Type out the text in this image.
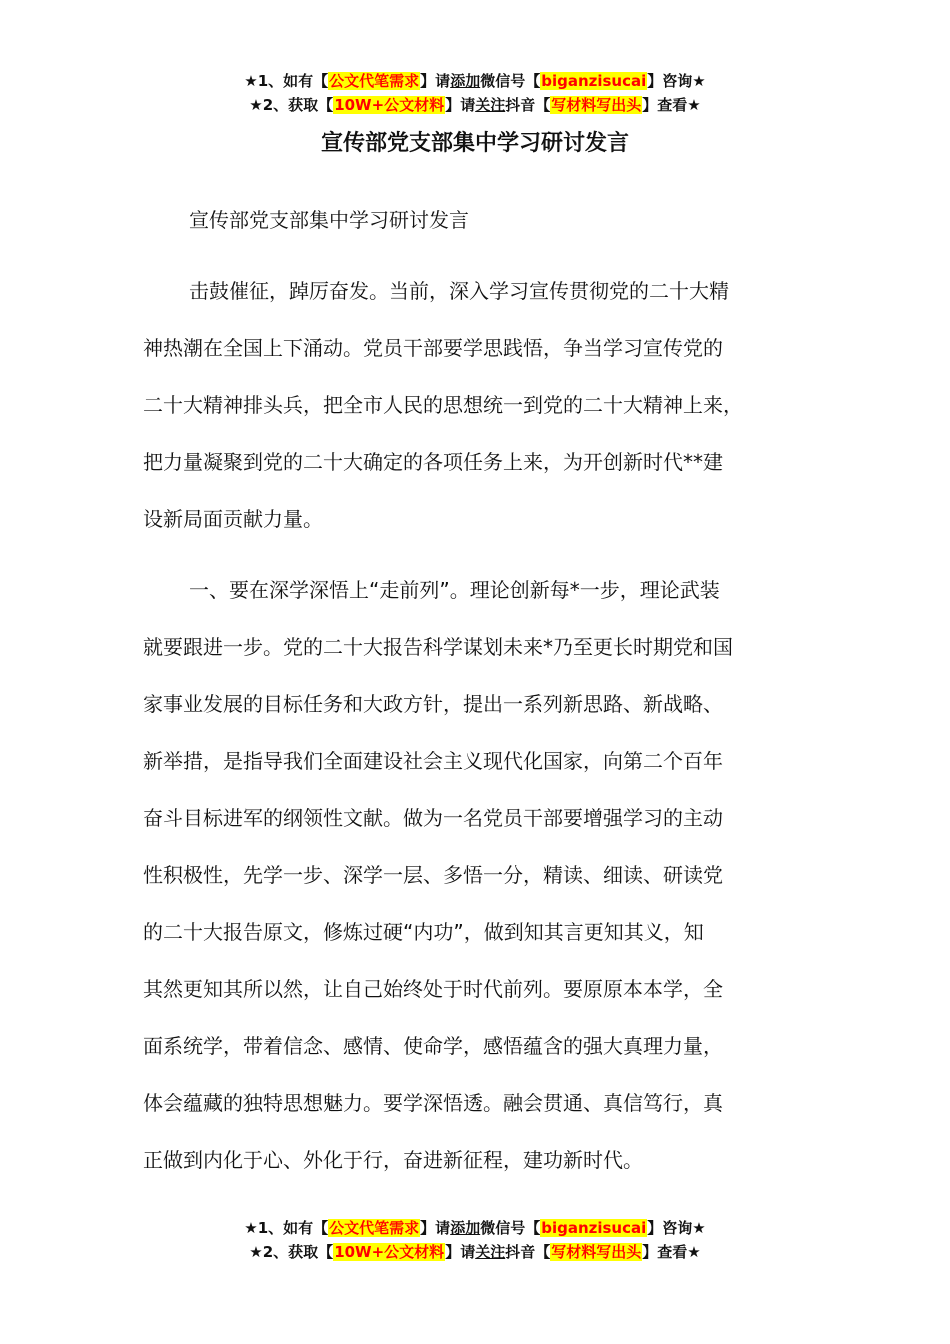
★1、如有【公文代笔需求】请添加微信号【biganzisucai】咨询★
★2、获取【10W+公文材料】请关注抖音【写材料写出头】查看★
宣传部党支部集中学习研讨发言

宣传部党支部集中学习研讨发言

击鼓催征，踔厉奋发。当前，深入学习宣传贯彻党的二十大精
神热潮在全国上下涌动。党员干部要学思践悟，争当学习宣传党的
二十大精神排头兵，把全市人民的思想统一到党的二十大精神上来，
把力量凝聚到党的二十大确定的各项任务上来，为开创新时代**建
设新局面贡献力量。

一、要在深学深悟上“走前列”。理论创新每*一步，理论武装
就要跟进一步。党的二十大报告科学谋划未来*乃至更长时期党和国
家事业发展的目标任务和大政方针，提出一系列新思路、新战略、
新举措，是指导我们全面建设社会主义现代化国家，向第二个百年
奋斗目标进军的纲领性文献。做为一名党员干部要增强学习的主动
性积极性，先学一步、深学一层、多悟一分，精读、细读、研读党
的二十大报告原文，修炼过硬“内功”，做到知其言更知其义，知
其然更知其所以然，让自己始终处于时代前列。要原原本本学，全
面系统学，带着信念、感情、使命学，感悟蕴含的强大真理力量，
体会蕴藏的独特思想魅力。要学深悟透。融会贯通、真信笃行，真
正做到内化于心、外化于行，奋进新征程，建功新时代。

★1、如有【公文代笔需求】请添加微信号【biganzisucai】咨询★
★2、获取【10W+公文材料】请关注抖音【写材料写出头】查看★
